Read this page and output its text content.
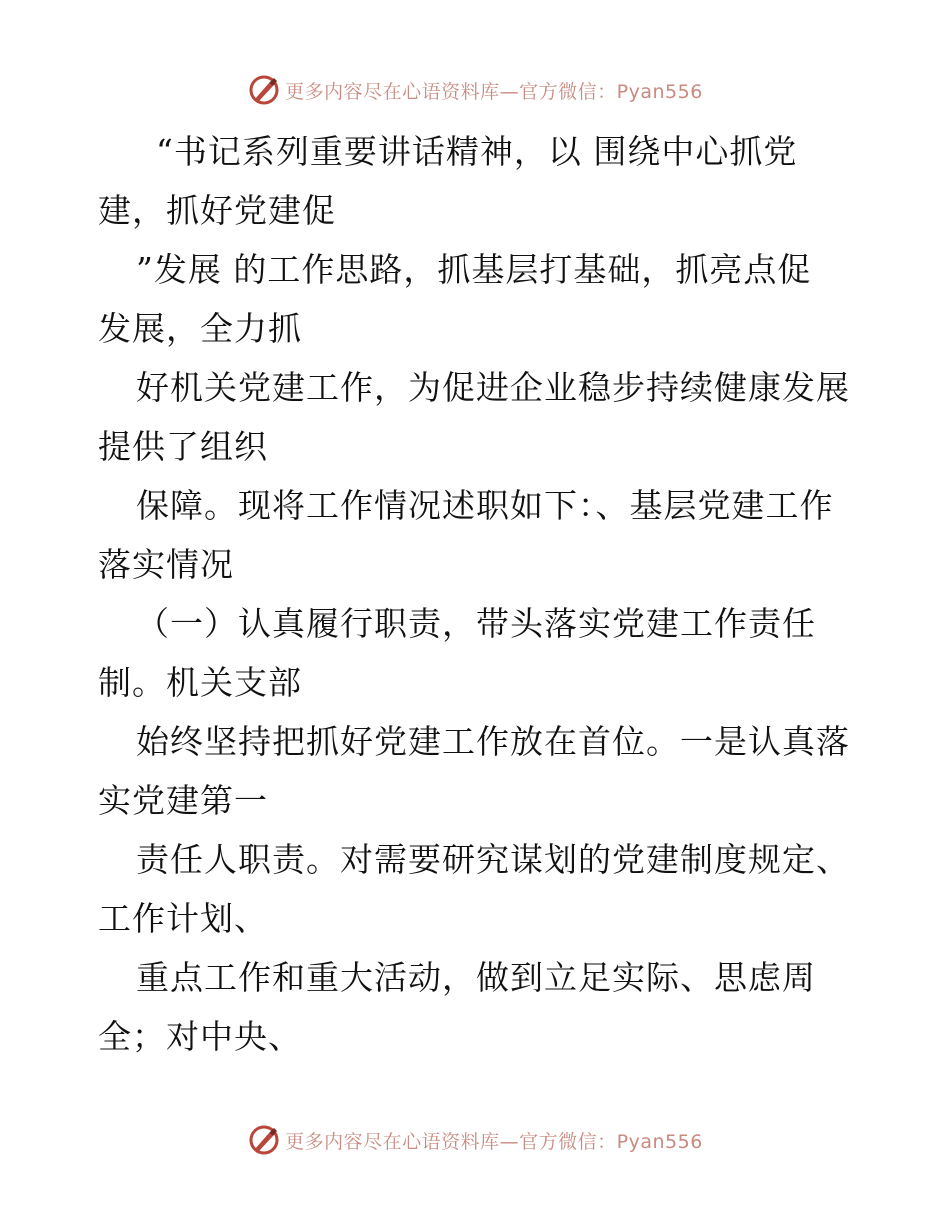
更多内容尽在心语资料库—官方微信：Pyan556
“书记系列重要讲话精神，以 围绕中心抓党
建，抓好党建促
”发展 的工作思路，抓基层打基础，抓亮点促
发展，全力抓
好机关党建工作，为促进企业稳步持续健康发展
提供了组织
保障。现将工作情况述职如下：、基层党建工作
落实情况
（一）认真履行职责，带头落实党建工作责任
制。机关支部
始终坚持把抓好党建工作放在首位。一是认真落
实党建第一
责任人职责。对需要研究谋划的党建制度规定、
工作计划、
重点工作和重大活动，做到立足实际、思虑周
全；对中央、
更多内容尽在心语资料库—官方微信：Pyan556
